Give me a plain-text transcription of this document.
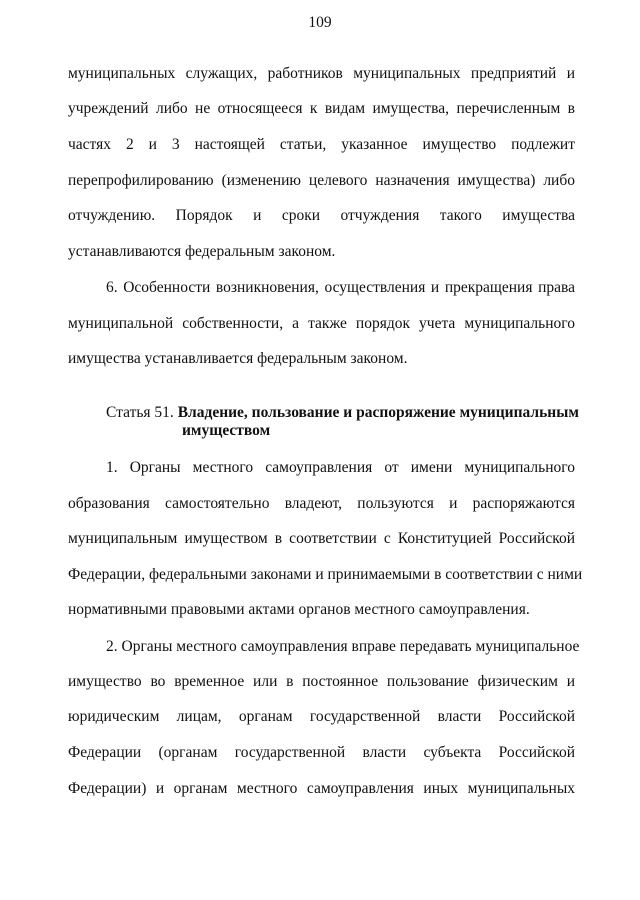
109
муниципальных служащих, работников муниципальных предприятий и
учреждений либо не относящееся к видам имущества, перечисленным в
частях 2 и 3 настоящей статьи, указанное имущество подлежит
перепрофилированию (изменению целевого назначения имущества) либо
отчуждению. Порядок и сроки отчуждения такого имущества
устанавливаются федеральным законом.
6. Особенности возникновения, осуществления и прекращения права
муниципальной собственности, а также порядок учета муниципального
имущества устанавливается федеральным законом.
Статья 51. Владение, пользование и распоряжение муниципальным
имуществом
1. Органы местного самоуправления от имени муниципального
образования самостоятельно владеют, пользуются и распоряжаются
муниципальным имуществом в соответствии с Конституцией Российской
Федерации, федеральными законами и принимаемыми в соответствии с ними
нормативными правовыми актами органов местного самоуправления.
2. Органы местного самоуправления вправе передавать муниципальное
имущество во временное или в постоянное пользование физическим и
юридическим лицам, органам государственной власти Российской
Федерации (органам государственной власти субъекта Российской
Федерации) и органам местного самоуправления иных муниципальных
